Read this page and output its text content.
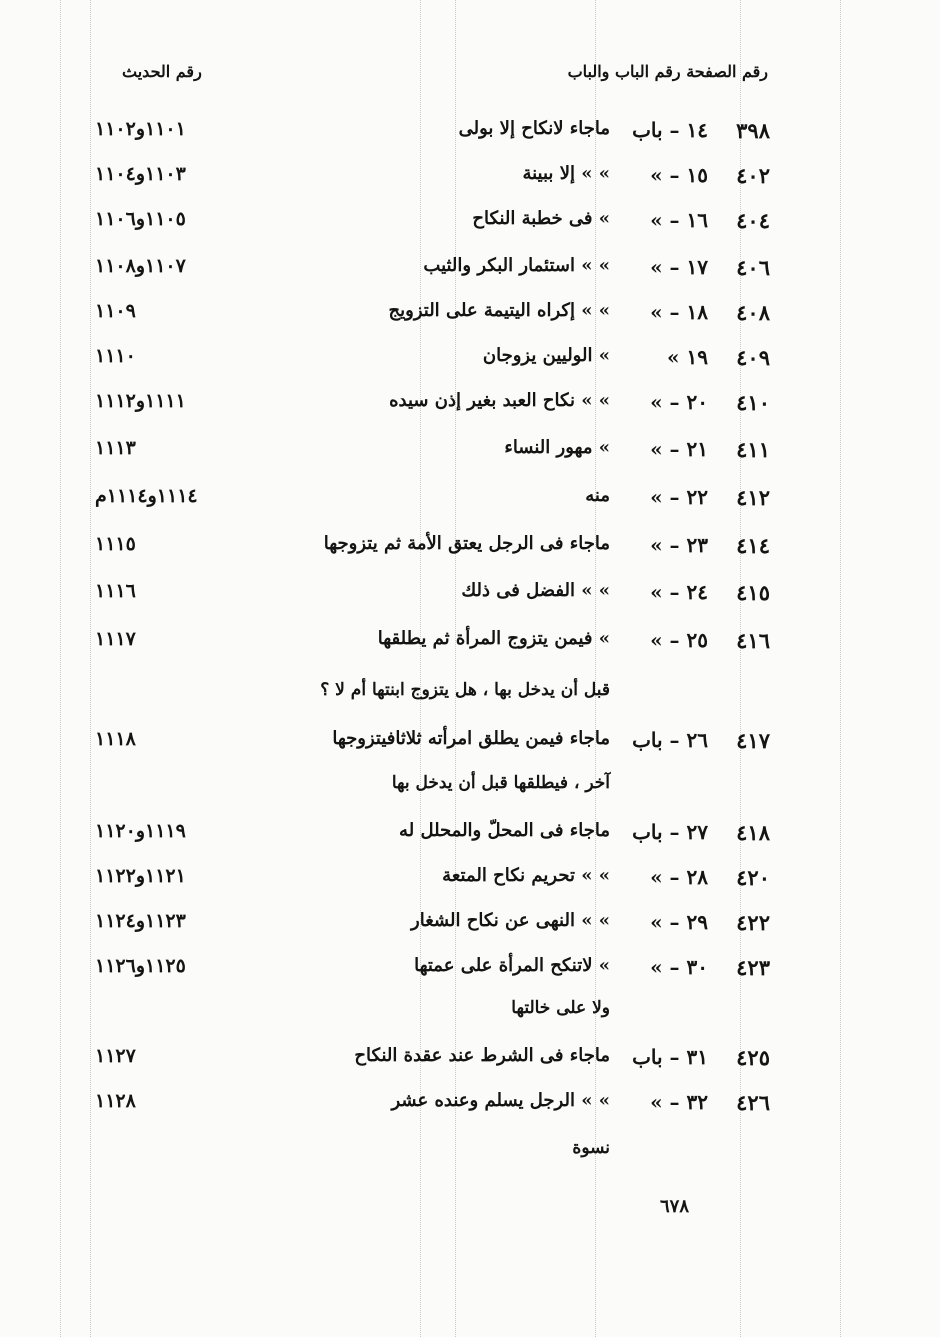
رقم الصفحة رقم الباب والباب
رقم الحديث
٣٩٨
١٤ – باب
ماجاء لانكاح إلا بولى
١١٠١و١١٠٢
٤٠٢
١٥ – »
» » إلا ببينة
١١٠٣و١١٠٤
٤٠٤
١٦ – »
» فى خطبة النكاح
١١٠٥و١١٠٦
٤٠٦
١٧ – »
» » استئمار البكر والثيب
١١٠٧و١١٠٨
٤٠٨
١٨ – »
» » إكراه اليتيمة على التزويج
١١٠٩
٤٠٩
١٩ »
» الوليين يزوجان
١١١٠
٤١٠
٢٠ – »
» » نكاح العبد بغير إذن سيده
١١١١و١١١٢
٤١١
٢١ – »
» مهور النساء
١١١٣
٤١٢
٢٢ – »
منه
١١١٤و١١١٤م
٤١٤
٢٣ – »
ماجاء فى الرجل يعتق الأمة ثم يتزوجها
١١١٥
٤١٥
٢٤ – »
» » الفضل فى ذلك
١١١٦
٤١٦
٢٥ – »
» فيمن يتزوج المرأة ثم يطلقها
١١١٧
٤١٧
٢٦ – باب
ماجاء فيمن يطلق امرأته ثلاثافيتزوجها
١١١٨
٤١٨
٢٧ – باب
ماجاء فى المحلّ والمحلل له
١١١٩و١١٢٠
٤٢٠
٢٨ – »
» » تحريم نكاح المتعة
١١٢١و١١٢٢
٤٢٢
٢٩ – »
» » النهى عن نكاح الشغار
١١٢٣و١١٢٤
٤٢٣
٣٠ – »
» لاتنكح المرأة على عمتها
١١٢٥و١١٢٦
٤٢٥
٣١ – باب
ماجاء فى الشرط عند عقدة النكاح
١١٢٧
٤٢٦
٣٢ – »
» » الرجل يسلم وعنده عشر
١١٢٨
قبل أن يدخل بها ، هل يتزوج ابنتها أم لا ؟
آخر ، فيطلقها قبل أن يدخل بها
ولا على خالتها
نسوة
٦٧٨
